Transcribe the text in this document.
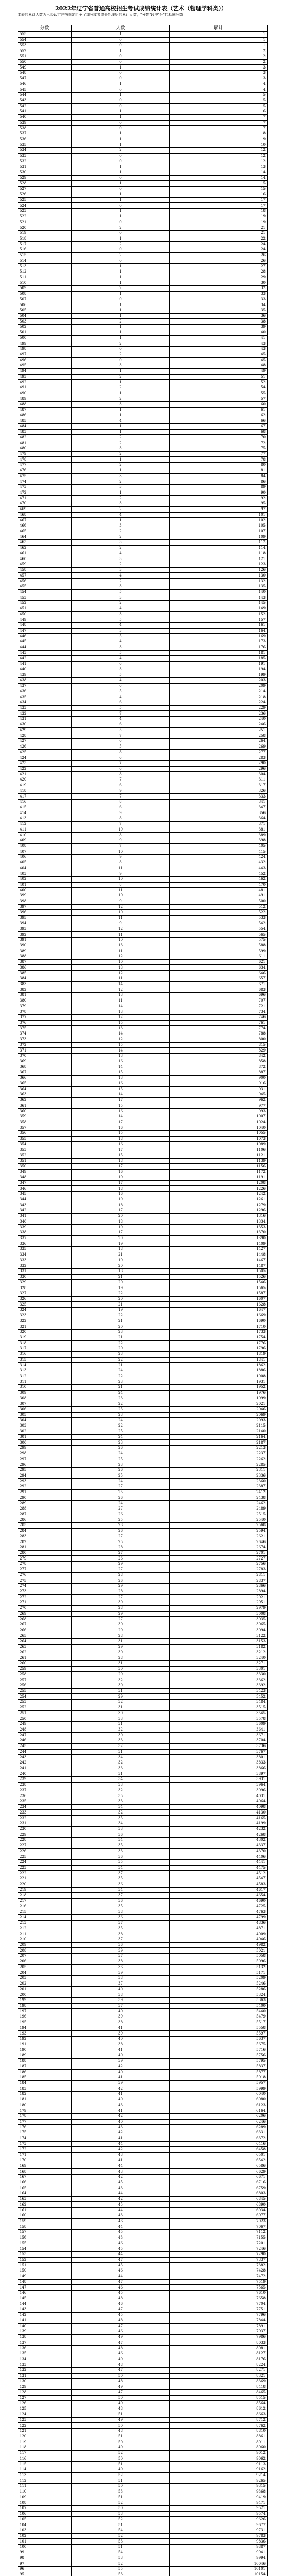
2022年辽宁省普通高校招生考试成绩统计表（艺术（物理学科类））
本表的累计人数为已经认定并按规定给予了加分或者降分处理后的累计人数，"分数"段中"分"包括同分数
分数	人数	累计
555	1	1
554	0	1
553	0	1
552	1	2
551	0	2
550	0	2
549	1	3
548	0	3
547	0	3
546	1	4
545	0	4
544	1	5
543	0	5
542	0	5
541	1	6
540	1	7
539	0	7
538	0	7
537	1	8
536	1	9
535	1	10
534	2	12
533	0	12
532	0	12
531	1	13
530	1	14
529	0	14
528	1	15
527	0	15
526	1	16
525	1	17
524	0	17
523	1	18
522	1	19
521	0	19
520	2	21
519	0	21
518	1	22
517	2	24
516	0	24
515	2	26
514	0	26
513	1	27
512	1	28
511	1	29
510	1	30
509	2	32
508	1	33
507	0	33
506	1	34
505	1	35
504	1	36
503	2	38
502	1	39
501	1	40
500	1	41
499	2	43
498	0	43
497	2	45
496	0	45
495	3	48
494	1	49
493	2	51
492	1	52
491	2	54
490	1	55
489	2	57
488	3	60
487	1	61
486	1	62
485	4	66
484	1	67
483	1	68
482	2	70
481	2	72
480	3	75
479	2	77
478	1	78
477	2	80
476	1	81
475	3	84
474	2	86
473	3	89
472	1	90
471	2	92
470	3	95
469	2	97
468	4	101
467	1	102
466	3	105
465	2	107
464	2	109
463	3	112
462	2	114
461	4	118
460	3	121
459	2	123
458	3	126
457	4	130
456	2	132
455	3	135
454	5	140
453	3	143
452	2	145
451	4	149
450	3	152
449	5	157
448	4	161
447	3	164
446	5	169
445	4	173
444	3	176
443	5	181
442	4	185
441	6	191
440	3	194
439	5	199
438	4	203
437	6	209
436	5	214
435	4	218
434	6	224
433	5	229
432	7	236
431	4	240
430	6	246
429	5	251
428	7	258
427	6	264
426	5	269
425	8	277
424	6	283
423	7	290
422	6	296
421	8	304
420	7	311
419	6	317
418	9	326
417	7	333
416	8	341
415	6	347
414	9	356
413	8	364
412	7	371
411	10	381
410	8	389
409	9	398
408	7	405
407	10	415
406	9	424
405	8	432
404	11	443
403	9	452
402	10	462
401	8	470
400	11	481
399	10	491
398	9	500
397	12	512
396	10	522
395	11	533
394	9	542
393	12	554
392	11	565
391	10	575
390	13	588
389	11	599
388	12	611
387	10	621
386	13	634
385	12	646
384	11	657
383	14	671
382	12	683
381	13	696
380	11	707
379	14	721
378	13	734
377	12	746
376	15	761
375	13	774
374	14	788
373	12	800
372	15	815
371	14	829
370	13	842
369	16	858
368	14	872
367	15	887
366	13	900
365	16	916
364	15	931
363	14	945
362	17	962
361	15	977
360	16	993
359	14	1007
358	17	1024
357	16	1040
356	15	1055
355	18	1073
354	16	1089
353	17	1106
352	15	1121
351	18	1139
350	17	1156
349	16	1172
348	19	1191
347	17	1208
346	18	1226
345	16	1242
344	19	1261
343	18	1279
342	17	1296
341	20	1316
340	18	1334
339	19	1353
338	17	1370
337	20	1390
336	19	1409
335	18	1427
334	21	1448
333	19	1467
332	20	1487
331	18	1505
330	21	1526
329	20	1546
328	19	1565
327	22	1587
326	20	1607
325	21	1628
324	19	1647
323	22	1669
322	21	1690
321	20	1710
320	23	1733
319	21	1754
318	22	1776
317	20	1796
316	23	1819
315	22	1841
314	21	1862
313	24	1886
312	22	1908
311	23	1931
310	21	1952
309	24	1976
308	23	1999
307	22	2021
306	25	2046
305	23	2069
304	24	2093
303	22	2115
302	25	2140
301	24	2164
300	23	2187
299	26	2213
298	24	2237
297	25	2262
296	23	2285
295	26	2311
294	25	2336
293	24	2360
292	27	2387
291	25	2412
290	26	2438
289	24	2462
288	27	2489
287	26	2515
286	25	2540
285	28	2568
284	26	2594
283	27	2621
282	25	2646
281	28	2674
280	27	2701
279	26	2727
278	29	2756
277	27	2783
276	28	2811
275	26	2837
274	29	2866
273	28	2894
272	27	2921
271	30	2951
270	28	2979
269	29	3008
268	27	3035
267	30	3065
266	29	3094
265	28	3122
264	31	3153
263	29	3182
262	30	3212
261	28	3240
260	31	3271
259	30	3301
258	29	3330
257	32	3362
256	30	3392
255	31	3423
254	29	3452
253	32	3484
252	31	3515
251	30	3545
250	33	3578
249	31	3609
248	32	3641
247	30	3671
246	33	3704
245	32	3736
244	31	3767
243	34	3801
242	32	3833
241	33	3866
240	31	3897
239	34	3931
238	33	3964
237	32	3996
236	35	4031
235	33	4064
234	34	4098
233	32	4130
232	35	4165
231	34	4199
230	33	4232
229	36	4268
228	34	4302
227	35	4337
226	33	4370
225	36	4406
224	35	4441
223	34	4475
222	37	4512
221	35	4547
220	36	4583
219	34	4617
218	37	4654
217	36	4690
216	35	4725
215	38	4763
214	36	4799
213	37	4836
212	35	4871
211	38	4909
210	37	4946
209	36	4982
208	39	5021
207	37	5058
206	38	5096
205	36	5132
204	39	5171
203	38	5209
202	37	5246
201	40	5286
200	38	5324
199	39	5363
198	37	5400
197	40	5440
196	39	5479
195	38	5517
194	41	5558
193	39	5597
192	40	5637
191	38	5675
190	41	5716
189	40	5756
188	39	5795
187	42	5837
186	40	5877
185	41	5918
184	39	5957
183	42	5999
182	41	6040
181	40	6080
180	43	6123
179	41	6164
178	42	6206
177	40	6246
176	43	6289
175	42	6331
174	41	6372
173	44	6416
172	42	6458
171	43	6501
170	41	6542
169	44	6586
168	43	6629
167	42	6671
166	45	6716
165	43	6759
164	44	6803
163	42	6845
162	45	6890
161	44	6934
160	43	6977
159	46	7023
158	44	7067
157	45	7112
156	43	7155
155	46	7201
154	45	7246
153	44	7290
152	47	7337
151	45	7382
150	46	7428
149	44	7472
148	47	7519
147	46	7565
146	45	7610
145	48	7658
144	46	7704
143	47	7751
142	45	7796
141	48	7844
140	47	7891
139	46	7937
138	49	7986
137	47	8033
136	48	8081
135	46	8127
134	49	8176
133	48	8224
132	47	8271
131	50	8321
130	48	8369
129	49	8418
128	47	8465
127	50	8515
126	49	8564
125	48	8612
124	51	8663
123	49	8712
122	50	8762
121	48	8810
120	51	8861
119	50	8911
118	49	8960
117	52	9012
116	50	9062
115	51	9113
114	49	9162
113	52	9214
112	51	9265
111	50	9315
110	53	9368
109	51	9419
108	52	9471
107	50	9521
106	53	9574
105	52	9626
104	51	9677
103	54	9731
102	52	9783
101	53	9836
100	51	9887
99	54	9941
98	53	9994
97	52	10046
96	55	10101
95	53	10154
